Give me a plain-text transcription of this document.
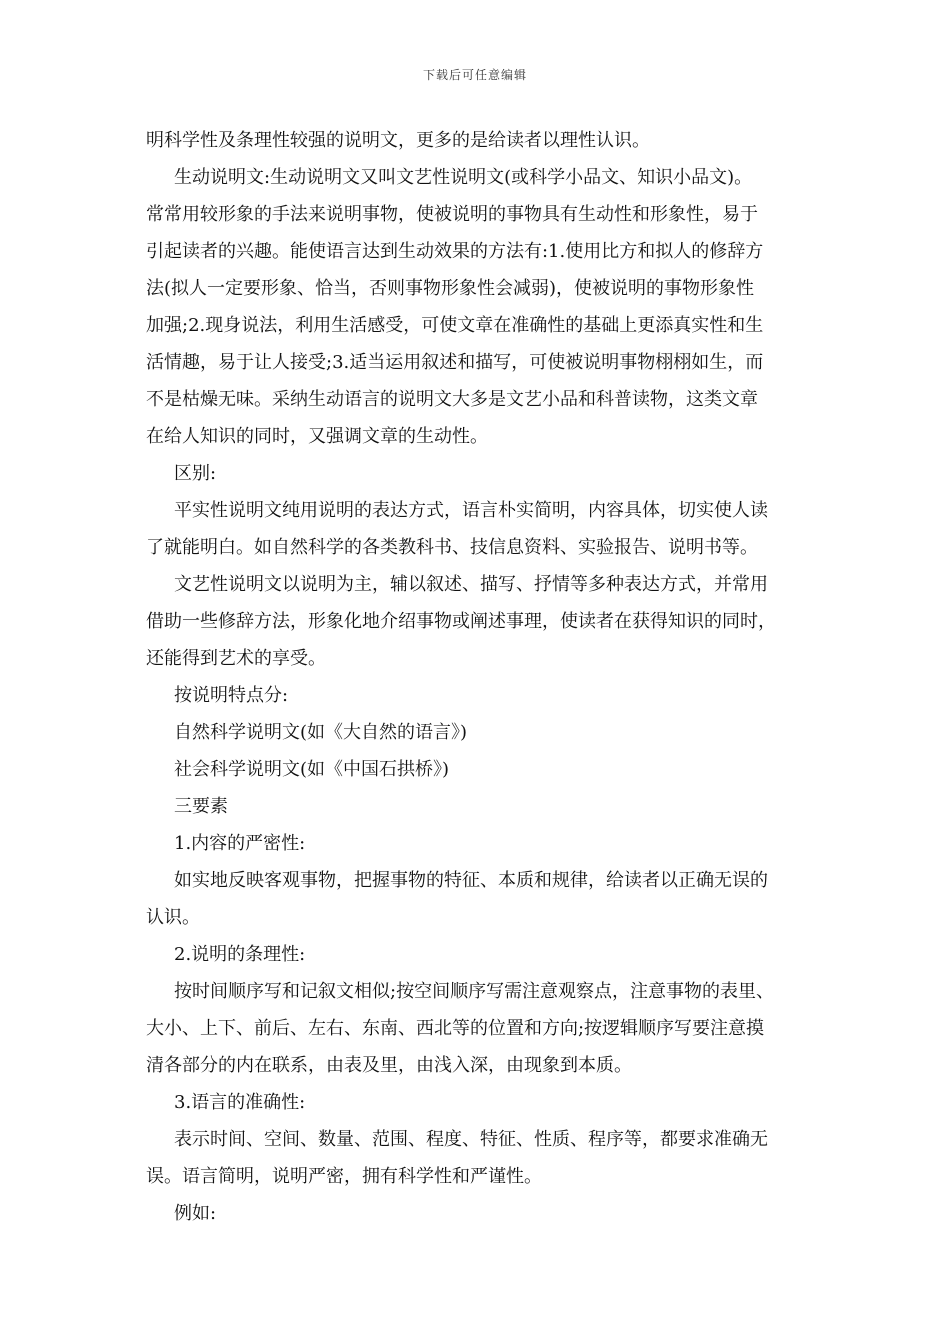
下载后可任意编辑
明科学性及条理性较强的说明文，更多的是给读者以理性认识。
生动说明文:生动说明文又叫文艺性说明文(或科学小品文、知识小品文)。
常常用较形象的手法来说明事物，使被说明的事物具有生动性和形象性，易于
引起读者的兴趣。能使语言达到生动效果的方法有:1.使用比方和拟人的修辞方
法(拟人一定要形象、恰当，否则事物形象性会减弱)，使被说明的事物形象性
加强;2.现身说法，利用生活感受，可使文章在准确性的基础上更添真实性和生
活情趣，易于让人接受;3.适当运用叙述和描写，可使被说明事物栩栩如生，而
不是枯燥无味。采纳生动语言的说明文大多是文艺小品和科普读物，这类文章
在给人知识的同时，又强调文章的生动性。
区别:
平实性说明文纯用说明的表达方式，语言朴实简明，内容具体，切实使人读
了就能明白。如自然科学的各类教科书、技信息资料、实验报告、说明书等。
文艺性说明文以说明为主，辅以叙述、描写、抒情等多种表达方式，并常用
借助一些修辞方法，形象化地介绍事物或阐述事理，使读者在获得知识的同时，
还能得到艺术的享受。
按说明特点分:
自然科学说明文(如《大自然的语言》)
社会科学说明文(如《中国石拱桥》)
三要素
1.内容的严密性:
如实地反映客观事物，把握事物的特征、本质和规律，给读者以正确无误的
认识。
2.说明的条理性:
按时间顺序写和记叙文相似;按空间顺序写需注意观察点，注意事物的表里、
大小、上下、前后、左右、东南、西北等的位置和方向;按逻辑顺序写要注意摸
清各部分的内在联系，由表及里，由浅入深，由现象到本质。
3.语言的准确性:
表示时间、空间、数量、范围、程度、特征、性质、程序等，都要求准确无
误。语言简明，说明严密，拥有科学性和严谨性。
例如:
